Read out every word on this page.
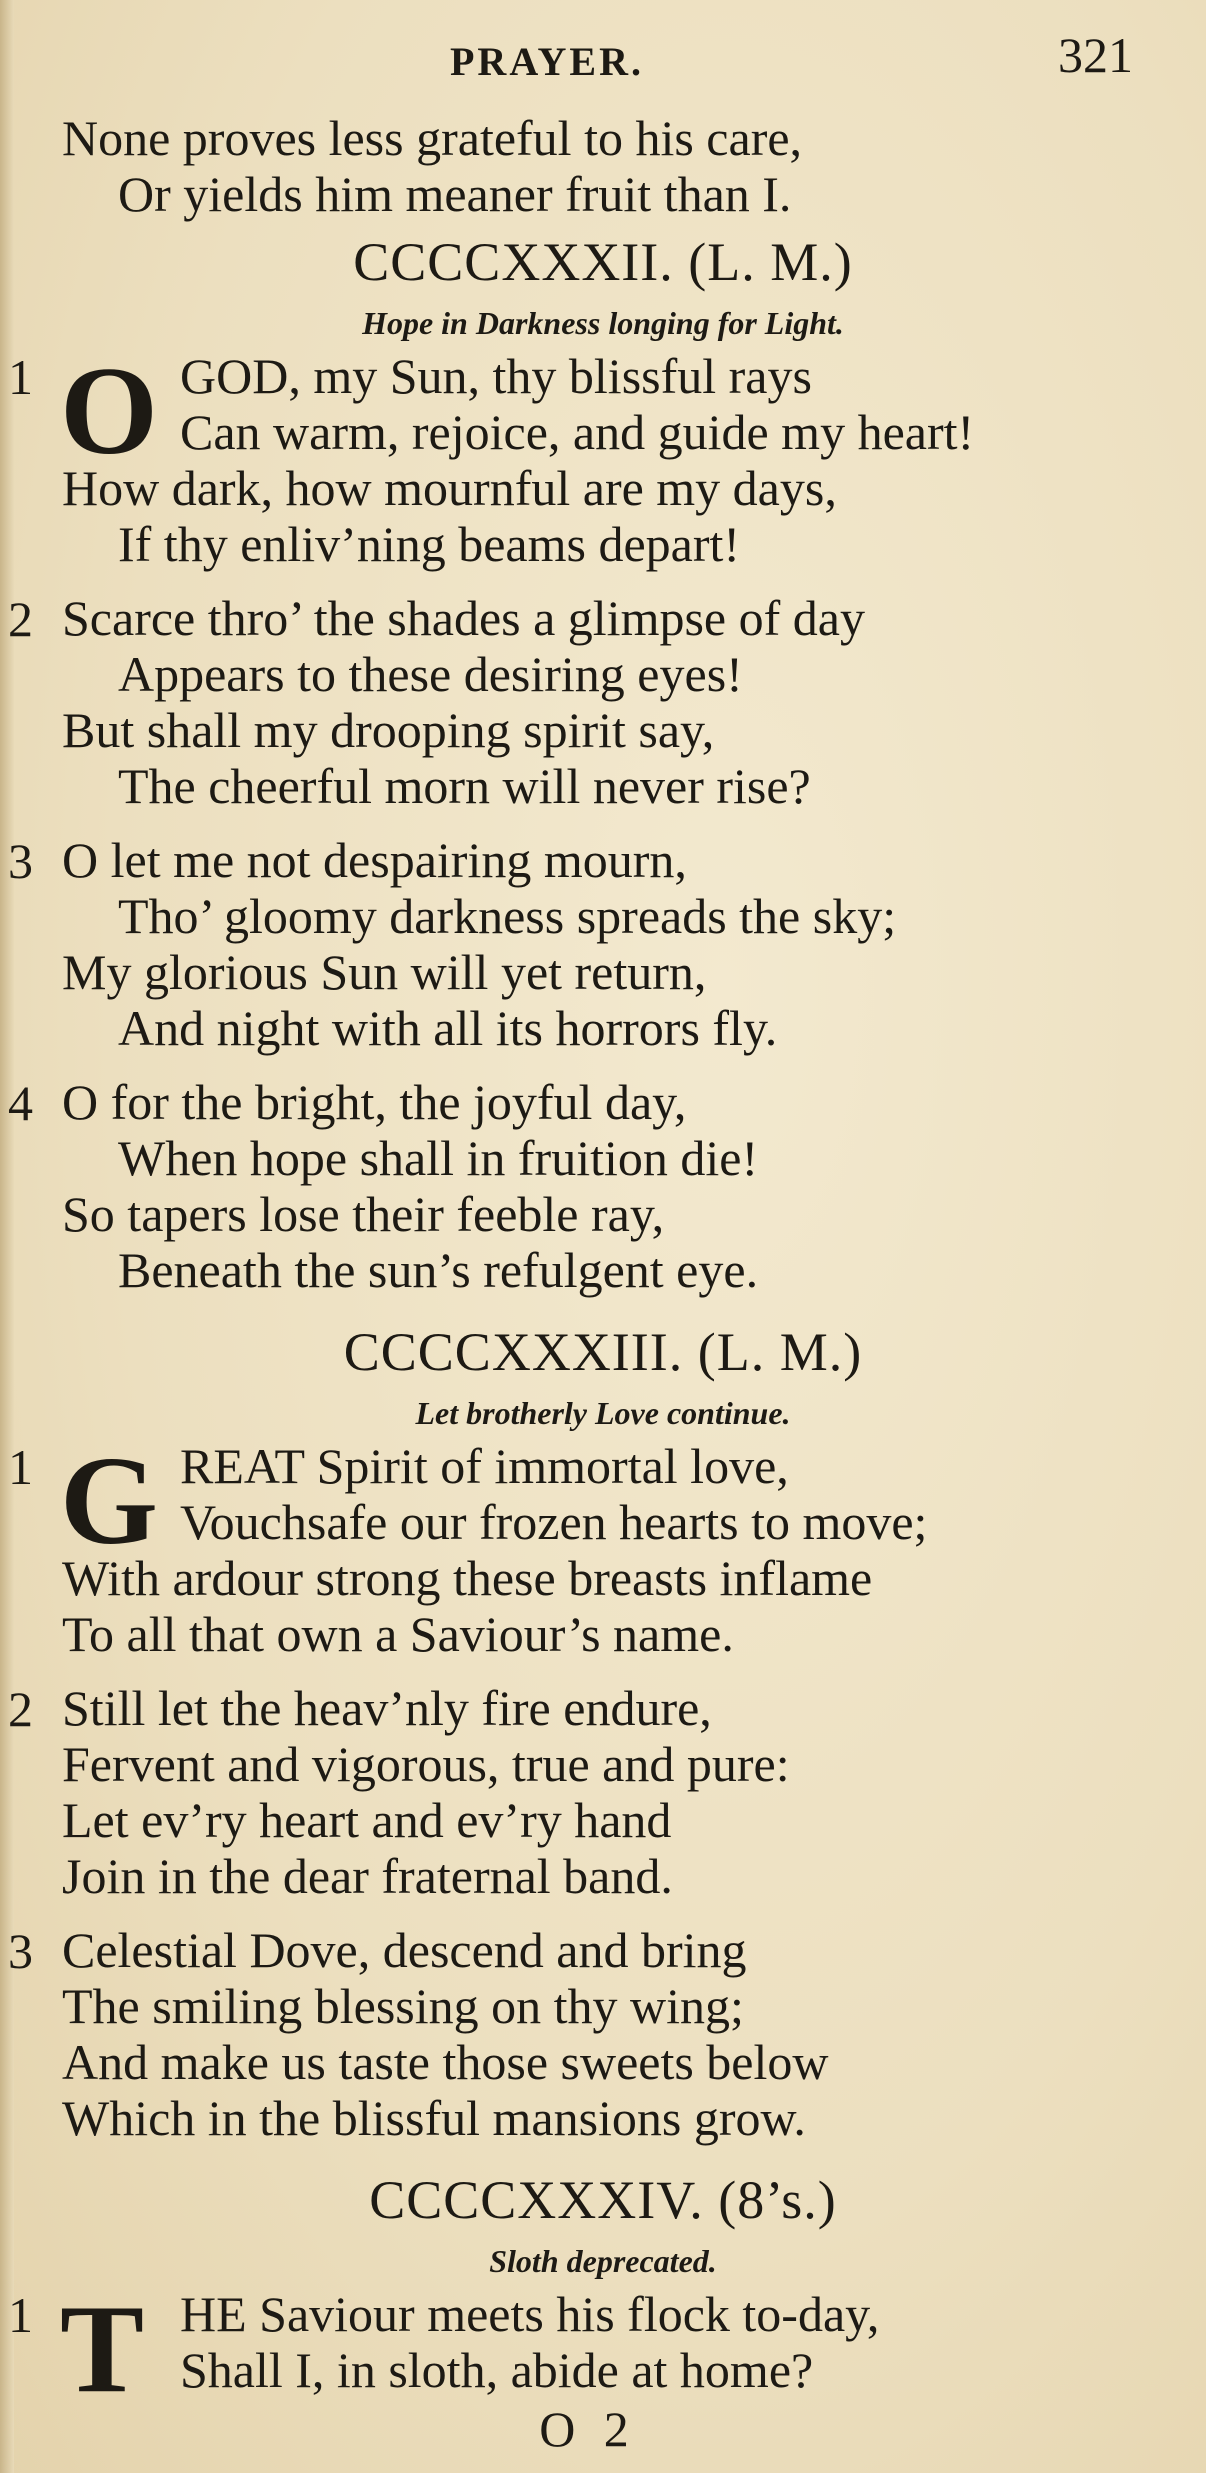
PRAYER.	321
None proves less grateful to his care,
Or yields him meaner fruit than I.
CCCCXXXII. (L. M.)
Hope in Darkness longing for Light.
1 O GOD, my Sun, thy blissful rays
Can warm, rejoice, and guide my heart!
How dark, how mournful are my days,
If thy enliv’ning beams depart!
2 Scarce thro’ the shades a glimpse of day
Appears to these desiring eyes!
But shall my drooping spirit say,
The cheerful morn will never rise?
3 O let me not despairing mourn,
Tho’ gloomy darkness spreads the sky;
My glorious Sun will yet return,
And night with all its horrors fly.
4 O for the bright, the joyful day,
When hope shall in fruition die!
So tapers lose their feeble ray,
Beneath the sun’s refulgent eye.
CCCCXXXIII. (L. M.)
Let brotherly Love continue.
1 G REAT Spirit of immortal love,
Vouchsafe our frozen hearts to move;
With ardour strong these breasts inflame
To all that own a Saviour’s name.
2 Still let the heav’nly fire endure,
Fervent and vigorous, true and pure:
Let ev’ry heart and ev’ry hand
Join in the dear fraternal band.
3 Celestial Dove, descend and bring
The smiling blessing on thy wing;
And make us taste those sweets below
Which in the blissful mansions grow.
CCCCXXXIV. (8’s.)
Sloth deprecated.
1 T HE Saviour meets his flock to-day,
Shall I, in sloth, abide at home?
O 2
